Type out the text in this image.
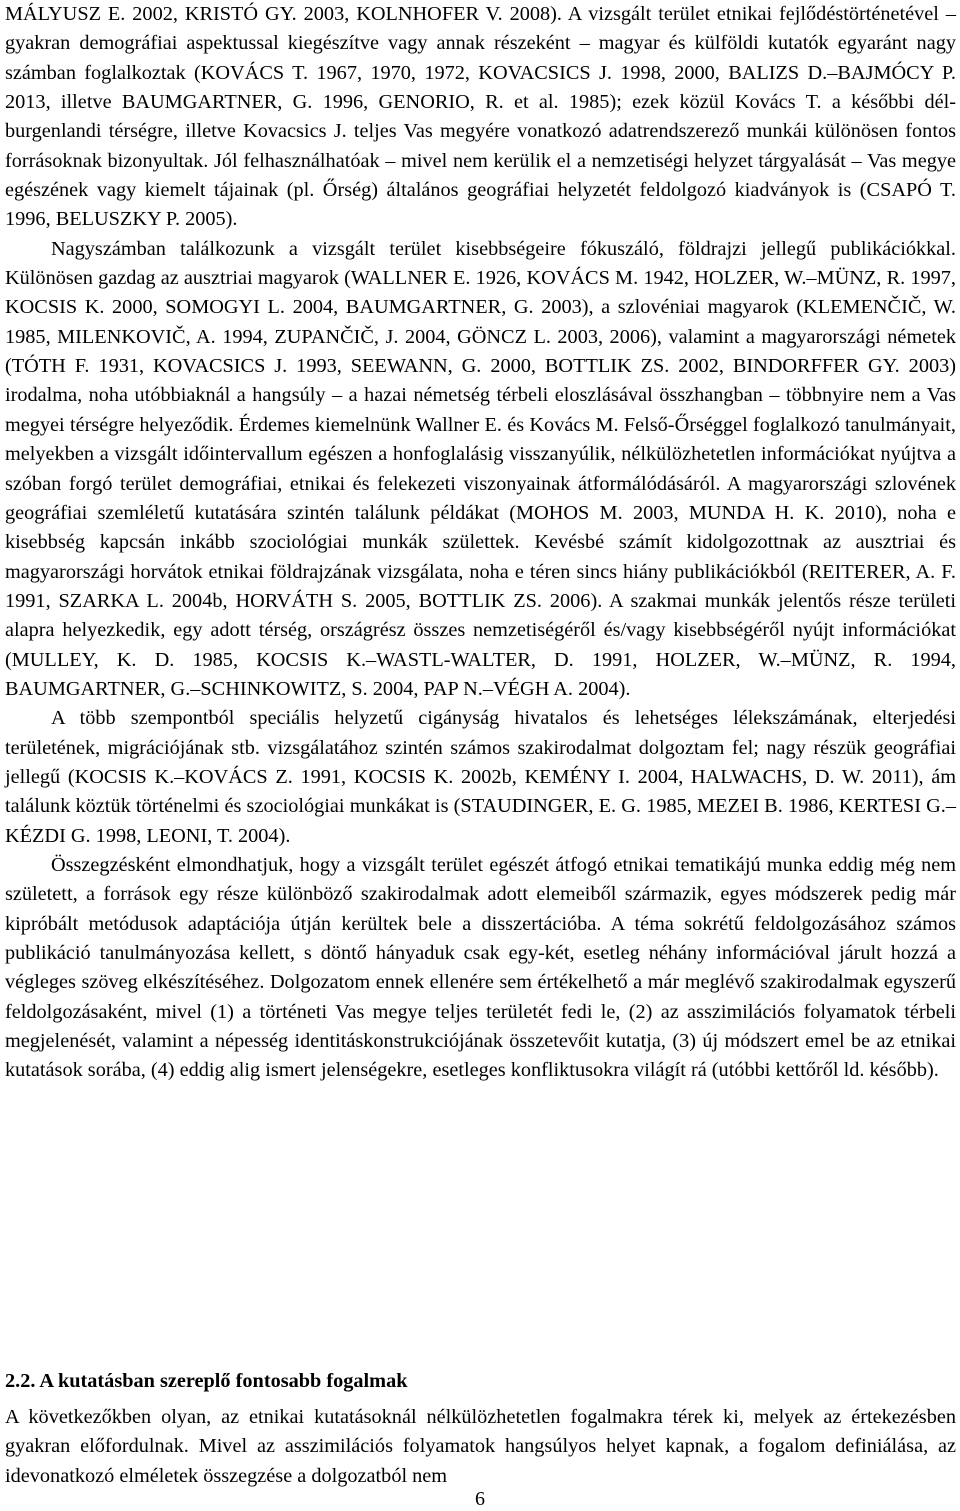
MÁLYUSZ E. 2002, KRISTÓ GY. 2003, KOLNHOFER V. 2008). A vizsgált terület etnikai fejlődéstörténetével – gyakran demográfiai aspektussal kiegészítve vagy annak részeként – magyar és külföldi kutatók egyaránt nagy számban foglalkoztak (KOVÁCS T. 1967, 1970, 1972, KOVACSICS J. 1998, 2000, BALIZS D.–BAJMÓCY P. 2013, illetve BAUMGARTNER, G. 1996, GENORIO, R. et al. 1985); ezek közül Kovács T. a későbbi dél-burgenlandi térségre, illetve Kovacsics J. teljes Vas megyére vonatkozó adatrendszerező munkái különösen fontos forrásoknak bizonyultak. Jól felhasználhatóak – mivel nem kerülik el a nemzetiségi helyzet tárgyalását – Vas megye egészének vagy kiemelt tájainak (pl. Őrség) általános geográfiai helyzetét feldolgozó kiadványok is (CSAPÓ T. 1996, BELUSZKY P. 2005).

Nagyszámban találkozunk a vizsgált terület kisebbségeire fókuszáló, földrajzi jellegű publikációkkal. Különösen gazdag az ausztriai magyarok (WALLNER E. 1926, KOVÁCS M. 1942, HOLZER, W.–MÜNZ, R. 1997, KOCSIS K. 2000, SOMOGYI L. 2004, BAUMGARTNER, G. 2003), a szlovéniai magyarok (KLEMENČIČ, W. 1985, MILENKOVIČ, A. 1994, ZUPANČIČ, J. 2004, GÖNCZ L. 2003, 2006), valamint a magyarországi németek (TÓTH F. 1931, KOVACSICS J. 1993, SEEWANN, G. 2000, BOTTLIK ZS. 2002, BINDORFFER GY. 2003) irodalma, noha utóbbiaknál a hangsúly – a hazai németség térbeli eloszlásával összhangban – többnyire nem a Vas megyei térségre helyeződik. Érdemes kiemelnünk Wallner E. és Kovács M. Felső-Őrséggel foglalkozó tanulmányait, melyekben a vizsgált időintervallum egészen a honfoglalásig visszanyúlik, nélkülözhetetlen információkat nyújtva a szóban forgó terület demográfiai, etnikai és felekezeti viszonyainak átformálódásáról. A magyarországi szlovének geográfiai szemléletű kutatására szintén találunk példákat (MOHOS M. 2003, MUNDA H. K. 2010), noha e kisebbség kapcsán inkább szociológiai munkák születtek. Kevésbé számít kidolgozottnak az ausztriai és magyarországi horvátok etnikai földrajzának vizsgálata, noha e téren sincs hiány publikációkból (REITERER, A. F. 1991, SZARKA L. 2004b, HORVÁTH S. 2005, BOTTLIK ZS. 2006). A szakmai munkák jelentős része területi alapra helyezkedik, egy adott térség, országrész összes nemzetiségéről és/vagy kisebbségéről nyújt információkat (MULLEY, K. D. 1985, KOCSIS K.–WASTL-WALTER, D. 1991, HOLZER, W.–MÜNZ, R. 1994, BAUMGARTNER, G.–SCHINKOWITZ, S. 2004, PAP N.–VÉGH A. 2004).

A több szempontból speciális helyzetű cigányság hivatalos és lehetséges lélekszámának, elterjedési területének, migrációjának stb. vizsgálatához szintén számos szakirodalmat dolgoztam fel; nagy részük geográfiai jellegű (KOCSIS K.–KOVÁCS Z. 1991, KOCSIS K. 2002b, KEMÉNY I. 2004, HALWACHS, D. W. 2011), ám találunk köztük történelmi és szociológiai munkákat is (STAUDINGER, E. G. 1985, MEZEI B. 1986, KERTESI G.–KÉZDI G. 1998, LEONI, T. 2004).

Összegzésként elmondhatjuk, hogy a vizsgált terület egészét átfogó etnikai tematikájú munka eddig még nem született, a források egy része különböző szakirodalmak adott elemeiből származik, egyes módszerek pedig már kipróbált metódusok adaptációja útján kerültek bele a disszertációba. A téma sokrétű feldolgozásához számos publikáció tanulmányozása kellett, s döntő hányaduk csak egy-két, esetleg néhány információval járult hozzá a végleges szöveg elkészítéséhez. Dolgozatom ennek ellenére sem értékelhető a már meglévő szakirodalmak egyszerű feldolgozásaként, mivel (1) a történeti Vas megye teljes területét fedi le, (2) az asszimilációs folyamatok térbeli megjelenését, valamint a népesség identitáskonstrukciójának összetevőit kutatja, (3) új módszert emel be az etnikai kutatások sorába, (4) eddig alig ismert jelenségekre, esetleges konfliktusokra világít rá (utóbbi kettőről ld. később).

2.2. A kutatásban szereplő fontosabb fogalmak

A következőkben olyan, az etnikai kutatásoknál nélkülözhetetlen fogalmakra térek ki, melyek az értekezésben gyakran előfordulnak. Mivel az asszimilációs folyamatok hangsúlyos helyet kapnak, a fogalom definiálása, az idevonatkozó elméletek összegzése a dolgozatból nem

6
